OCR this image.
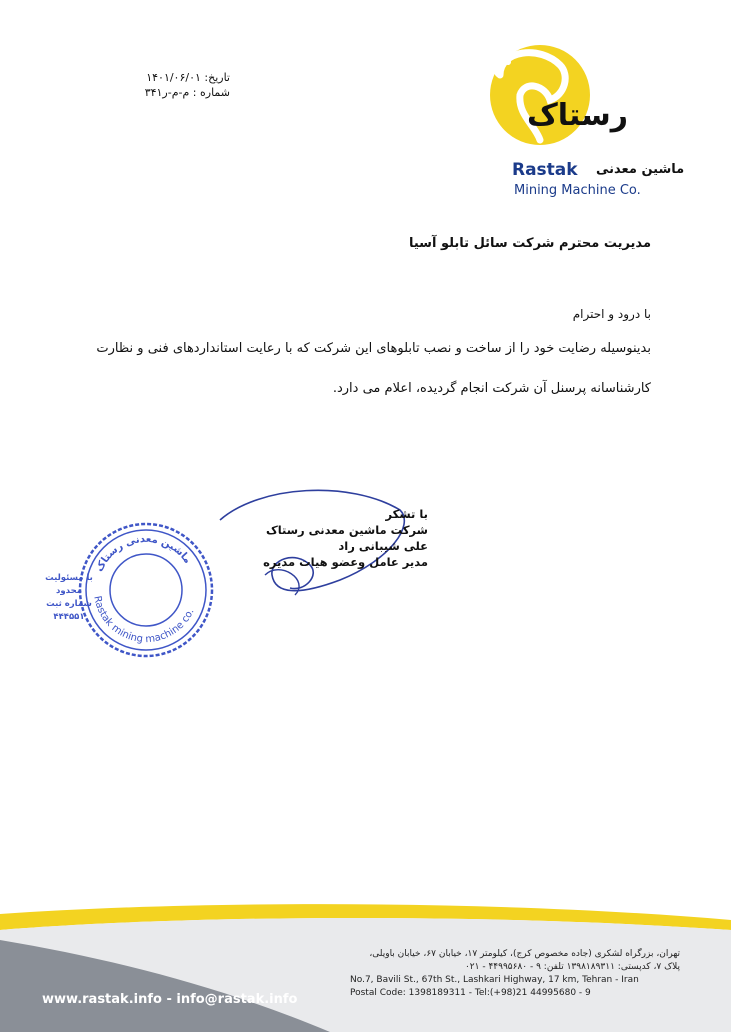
تاریخ: ۱۴۰۱/۰۶/۰۱
شماره : م-م-ر۳۴۱
رستاک
Rastak ماشین معدنی
Mining Machine Co.
مدیریت محترم شرکت سائل تابلو آسیا
با درود و احترام
بدینوسیله رضایت خود را از ساخت و نصب تابلوهای این شرکت که با رعایت استانداردهای فنی و نظارت
کارشناسانه پرسنل آن شرکت انجام گردیده، اعلام می دارد.
Rastak mining machine co.
ماشین معدنی رستاک
با مسئولیت محدود
شماره ثبت
۴۴۴۵۵۱
با تشکر
شرکت ماشین معدنی رستاک
علی شیبانی راد
مدیر عامل وعضو هیات مدیره
تهران، بزرگراه لشکری (جاده مخصوص کرج)، کیلومتر ۱۷، خیابان ۶۷، خیابان باویلی،
پلاک ۷، کدپستی: ۱۳۹۸۱۸۹۳۱۱ تلفن: ۹ - ۴۴۹۹۵۶۸۰ - ۰۲۱
No.7, Bavili St., 67th St., Lashkari Highway, 17 km, Tehran - Iran
Postal Code: 1398189311 - Tel:(+98)21 44995680 - 9
www.rastak.info - info@rastak.info
